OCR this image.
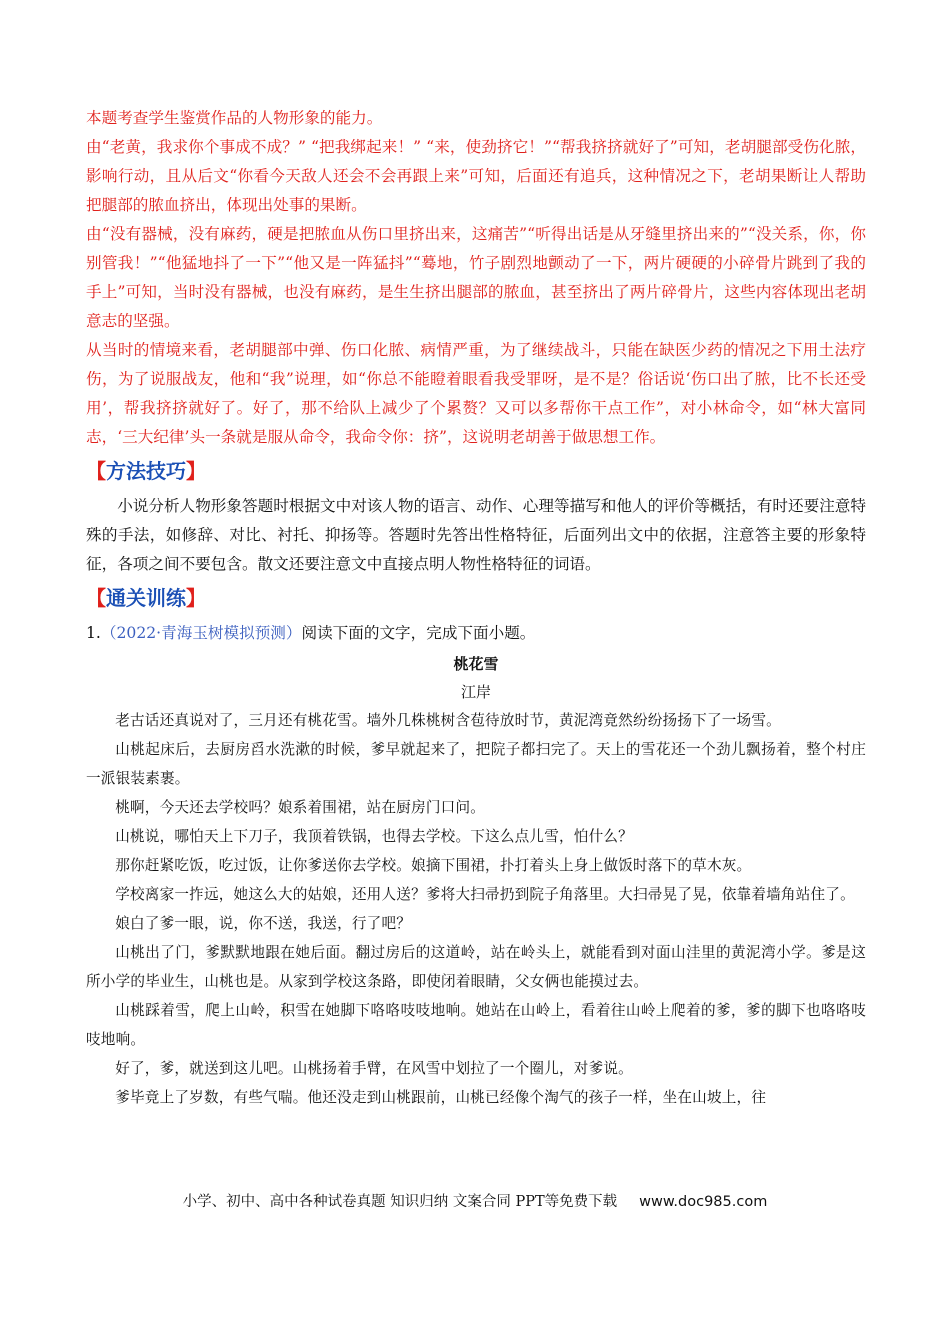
本题考查学生鉴赏作品的人物形象的能力。

由“老黄，我求你个事成不成？” “把我绑起来！” “来，使劲挤它！”“帮我挤挤就好了”可知，老胡腿部受伤化脓，影响行动，且从后文“你看今天敌人还会不会再跟上来”可知，后面还有追兵，这种情况之下，老胡果断让人帮助把腿部的脓血挤出，体现出处事的果断。

由“没有器械，没有麻药，硬是把脓血从伤口里挤出来，这痛苦”“听得出话是从牙缝里挤出来的”“没关系，你，你别管我！”“他猛地抖了一下”“他又是一阵猛抖”“蓦地，竹子剧烈地颤动了一下，两片硬硬的小碎骨片跳到了我的手上”可知，当时没有器械，也没有麻药，是生生挤出腿部的脓血，甚至挤出了两片碎骨片，这些内容体现出老胡意志的坚强。

从当时的情境来看，老胡腿部中弹、伤口化脓、病情严重，为了继续战斗，只能在缺医少药的情况之下用土法疗伤，为了说服战友，他和“我”说理，如“你总不能瞪着眼看我受罪呀，是不是？俗话说‘伤口出了脓，比不长还受用’，帮我挤挤就好了。好了，那不给队上减少了个累赘？又可以多帮你干点工作”，对小林命令，如“林大富同志，‘三大纪律’头一条就是服从命令，我命令你：挤”，这说明老胡善于做思想工作。

【方法技巧】

小说分析人物形象答题时根据文中对该人物的语言、动作、心理等描写和他人的评价等概括，有时还要注意特殊的手法，如修辞、对比、衬托、抑扬等。答题时先答出性格特征，后面列出文中的依据，注意答主要的形象特征，各项之间不要包含。散文还要注意文中直接点明人物性格特征的词语。

【通关训练】

1.（2022·青海玉树模拟预测）阅读下面的文字，完成下面小题。

桃花雪
江岸

老古话还真说对了，三月还有桃花雪。墙外几株桃树含苞待放时节，黄泥湾竟然纷纷扬扬下了一场雪。

山桃起床后，去厨房舀水洗漱的时候，爹早就起来了，把院子都扫完了。天上的雪花还一个劲儿飘扬着，整个村庄一派银装素裹。

桃啊，今天还去学校吗？娘系着围裙，站在厨房门口问。

山桃说，哪怕天上下刀子，我顶着铁锅，也得去学校。下这么点儿雪，怕什么？

那你赶紧吃饭，吃过饭，让你爹送你去学校。娘摘下围裙，扑打着头上身上做饭时落下的草木灰。

学校离家一拃远，她这么大的姑娘，还用人送？爹将大扫帚扔到院子角落里。大扫帚晃了晃，依靠着墙角站住了。

娘白了爹一眼，说，你不送，我送，行了吧？

山桃出了门，爹默默地跟在她后面。翻过房后的这道岭，站在岭头上，就能看到对面山洼里的黄泥湾小学。爹是这所小学的毕业生，山桃也是。从家到学校这条路，即使闭着眼睛，父女俩也能摸过去。

山桃踩着雪，爬上山岭，积雪在她脚下咯咯吱吱地响。她站在山岭上，看着往山岭上爬着的爹，爹的脚下也咯咯吱吱地响。

好了，爹，就送到这儿吧。山桃扬着手臂，在风雪中划拉了一个圈儿，对爹说。

爹毕竟上了岁数，有些气喘。他还没走到山桃跟前，山桃已经像个淘气的孩子一样，坐在山坡上，往

小学、初中、高中各种试卷真题 知识归纳 文案合同 PPT等免费下载 www.doc985.com
